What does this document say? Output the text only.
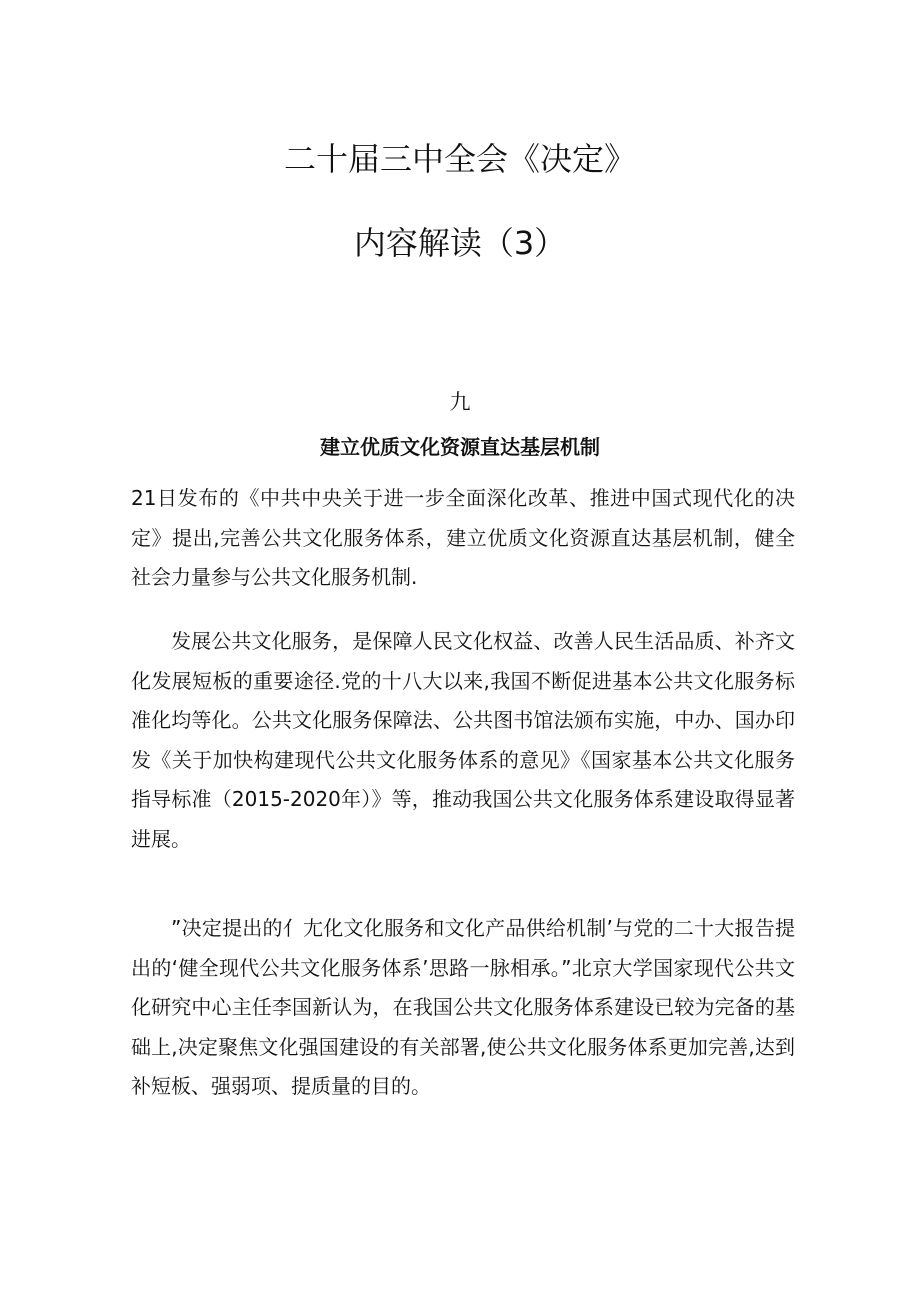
二十届三中全会《决定》
内容解读（3）
九
建立优质文化资源直达基层机制

21日发布的《中共中央关于进一步全面深化改革、推进中国式现代化的决定》提出,完善公共文化服务体系，建立优质文化资源直达基层机制，健全社会力量参与公共文化服务机制.

发展公共文化服务，是保障人民文化权益、改善人民生活品质、补齐文化发展短板的重要途径.党的十八大以来,我国不断促进基本公共文化服务标准化均等化。公共文化服务保障法、公共图书馆法颁布实施，中办、国办印发《关于加快构建现代公共文化服务体系的意见》《国家基本公共文化服务指导标准（2015-2020年）》等，推动我国公共文化服务体系建设取得显著进展。

”决定提出的亻尢化文化服务和文化产品供给机制’与党的二十大报告提出的‘健全现代公共文化服务体系’思路一脉相承。”北京大学国家现代公共文化研究中心主任李国新认为，在我国公共文化服务体系建设已较为完备的基础上,决定聚焦文化强国建设的有关部署,使公共文化服务体系更加完善,达到补短板、强弱项、提质量的目的。
